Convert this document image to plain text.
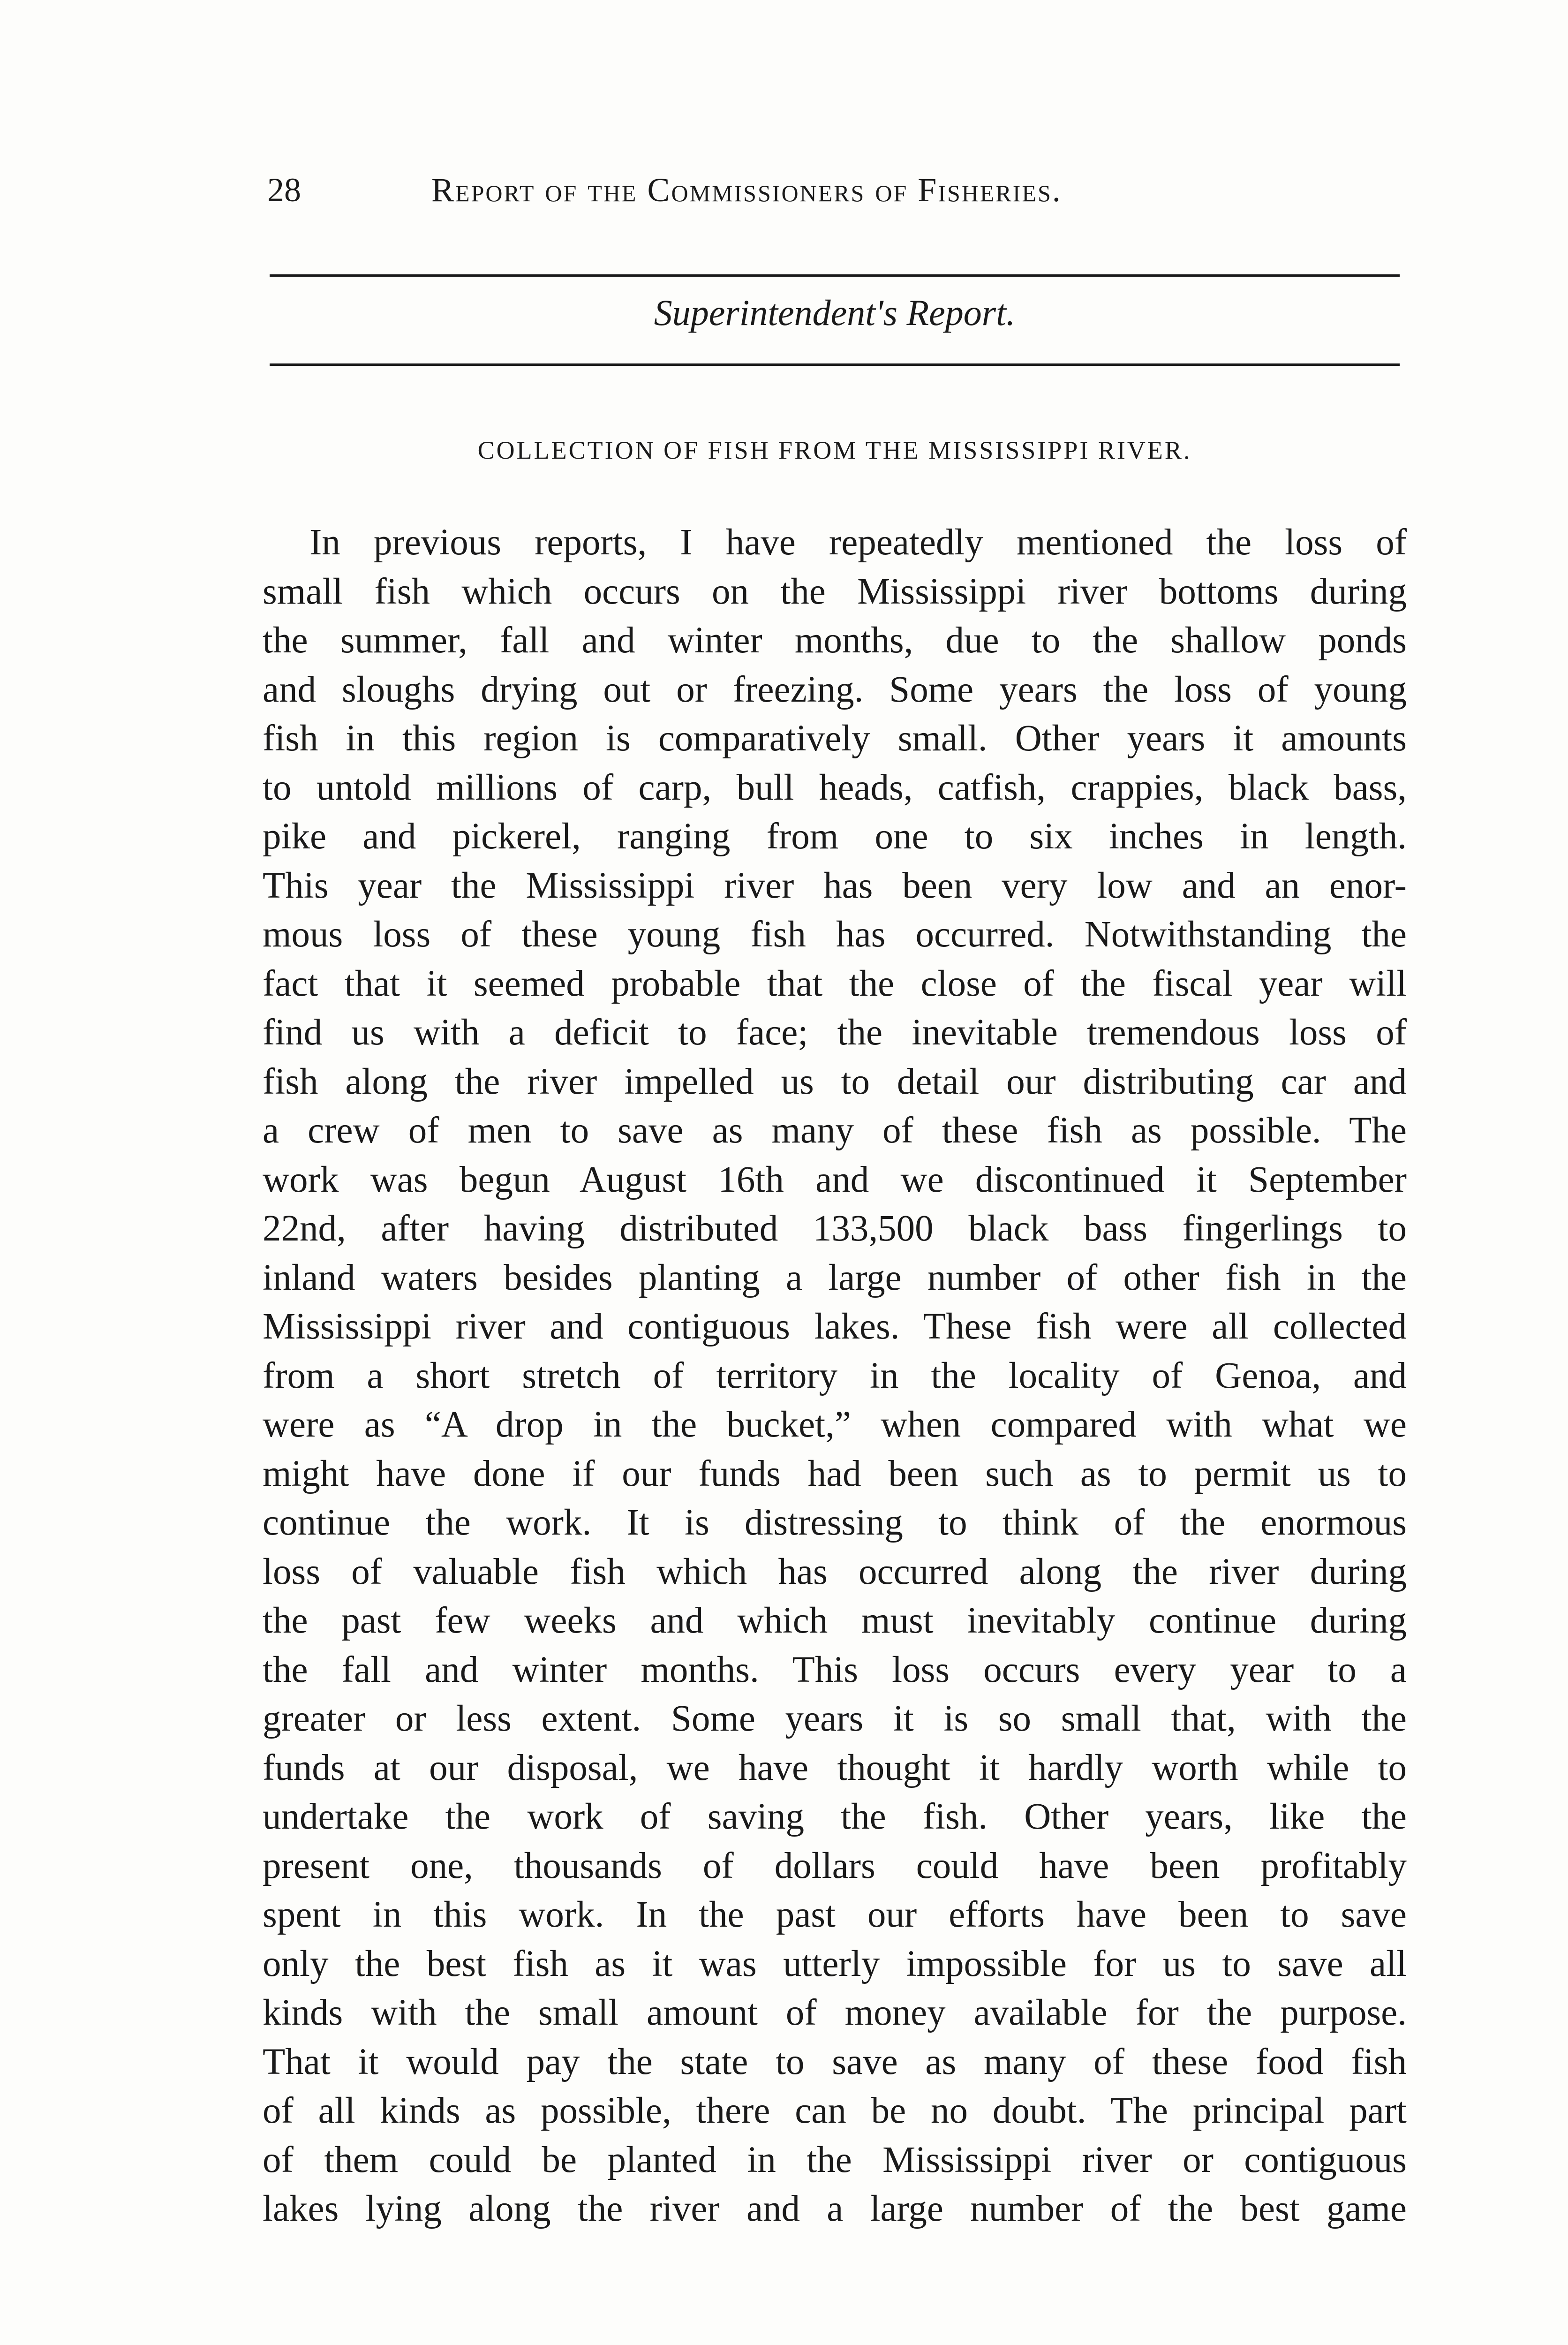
28	Report of the Commissioners of Fisheries.
Superintendent's Report.
COLLECTION OF FISH FROM THE MISSISSIPPI RIVER.
In previous reports, I have repeatedly mentioned the loss of
small fish which occurs on the Mississippi river bottoms during
the summer, fall and winter months, due to the shallow ponds
and sloughs drying out or freezing. Some years the loss of young
fish in this region is comparatively small. Other years it amounts
to untold millions of carp, bull heads, catfish, crappies, black bass,
pike and pickerel, ranging from one to six inches in length.
This year the Mississippi river has been very low and an enor-
mous loss of these young fish has occurred. Notwithstanding the
fact that it seemed probable that the close of the fiscal year will
find us with a deficit to face; the inevitable tremendous loss of
fish along the river impelled us to detail our distributing car and
a crew of men to save as many of these fish as possible. The
work was begun August 16th and we discontinued it September
22nd, after having distributed 133,500 black bass fingerlings to
inland waters besides planting a large number of other fish in the
Mississippi river and contiguous lakes. These fish were all collected
from a short stretch of territory in the locality of Genoa, and
were as “A drop in the bucket,” when compared with what we
might have done if our funds had been such as to permit us to
continue the work. It is distressing to think of the enormous
loss of valuable fish which has occurred along the river during
the past few weeks and which must inevitably continue during
the fall and winter months. This loss occurs every year to a
greater or less extent. Some years it is so small that, with the
funds at our disposal, we have thought it hardly worth while to
undertake the work of saving the fish. Other years, like the
present one, thousands of dollars could have been profitably
spent in this work. In the past our efforts have been to save
only the best fish as it was utterly impossible for us to save all
kinds with the small amount of money available for the purpose.
That it would pay the state to save as many of these food fish
of all kinds as possible, there can be no doubt. The principal part
of them could be planted in the Mississippi river or contiguous
lakes lying along the river and a large number of the best game
